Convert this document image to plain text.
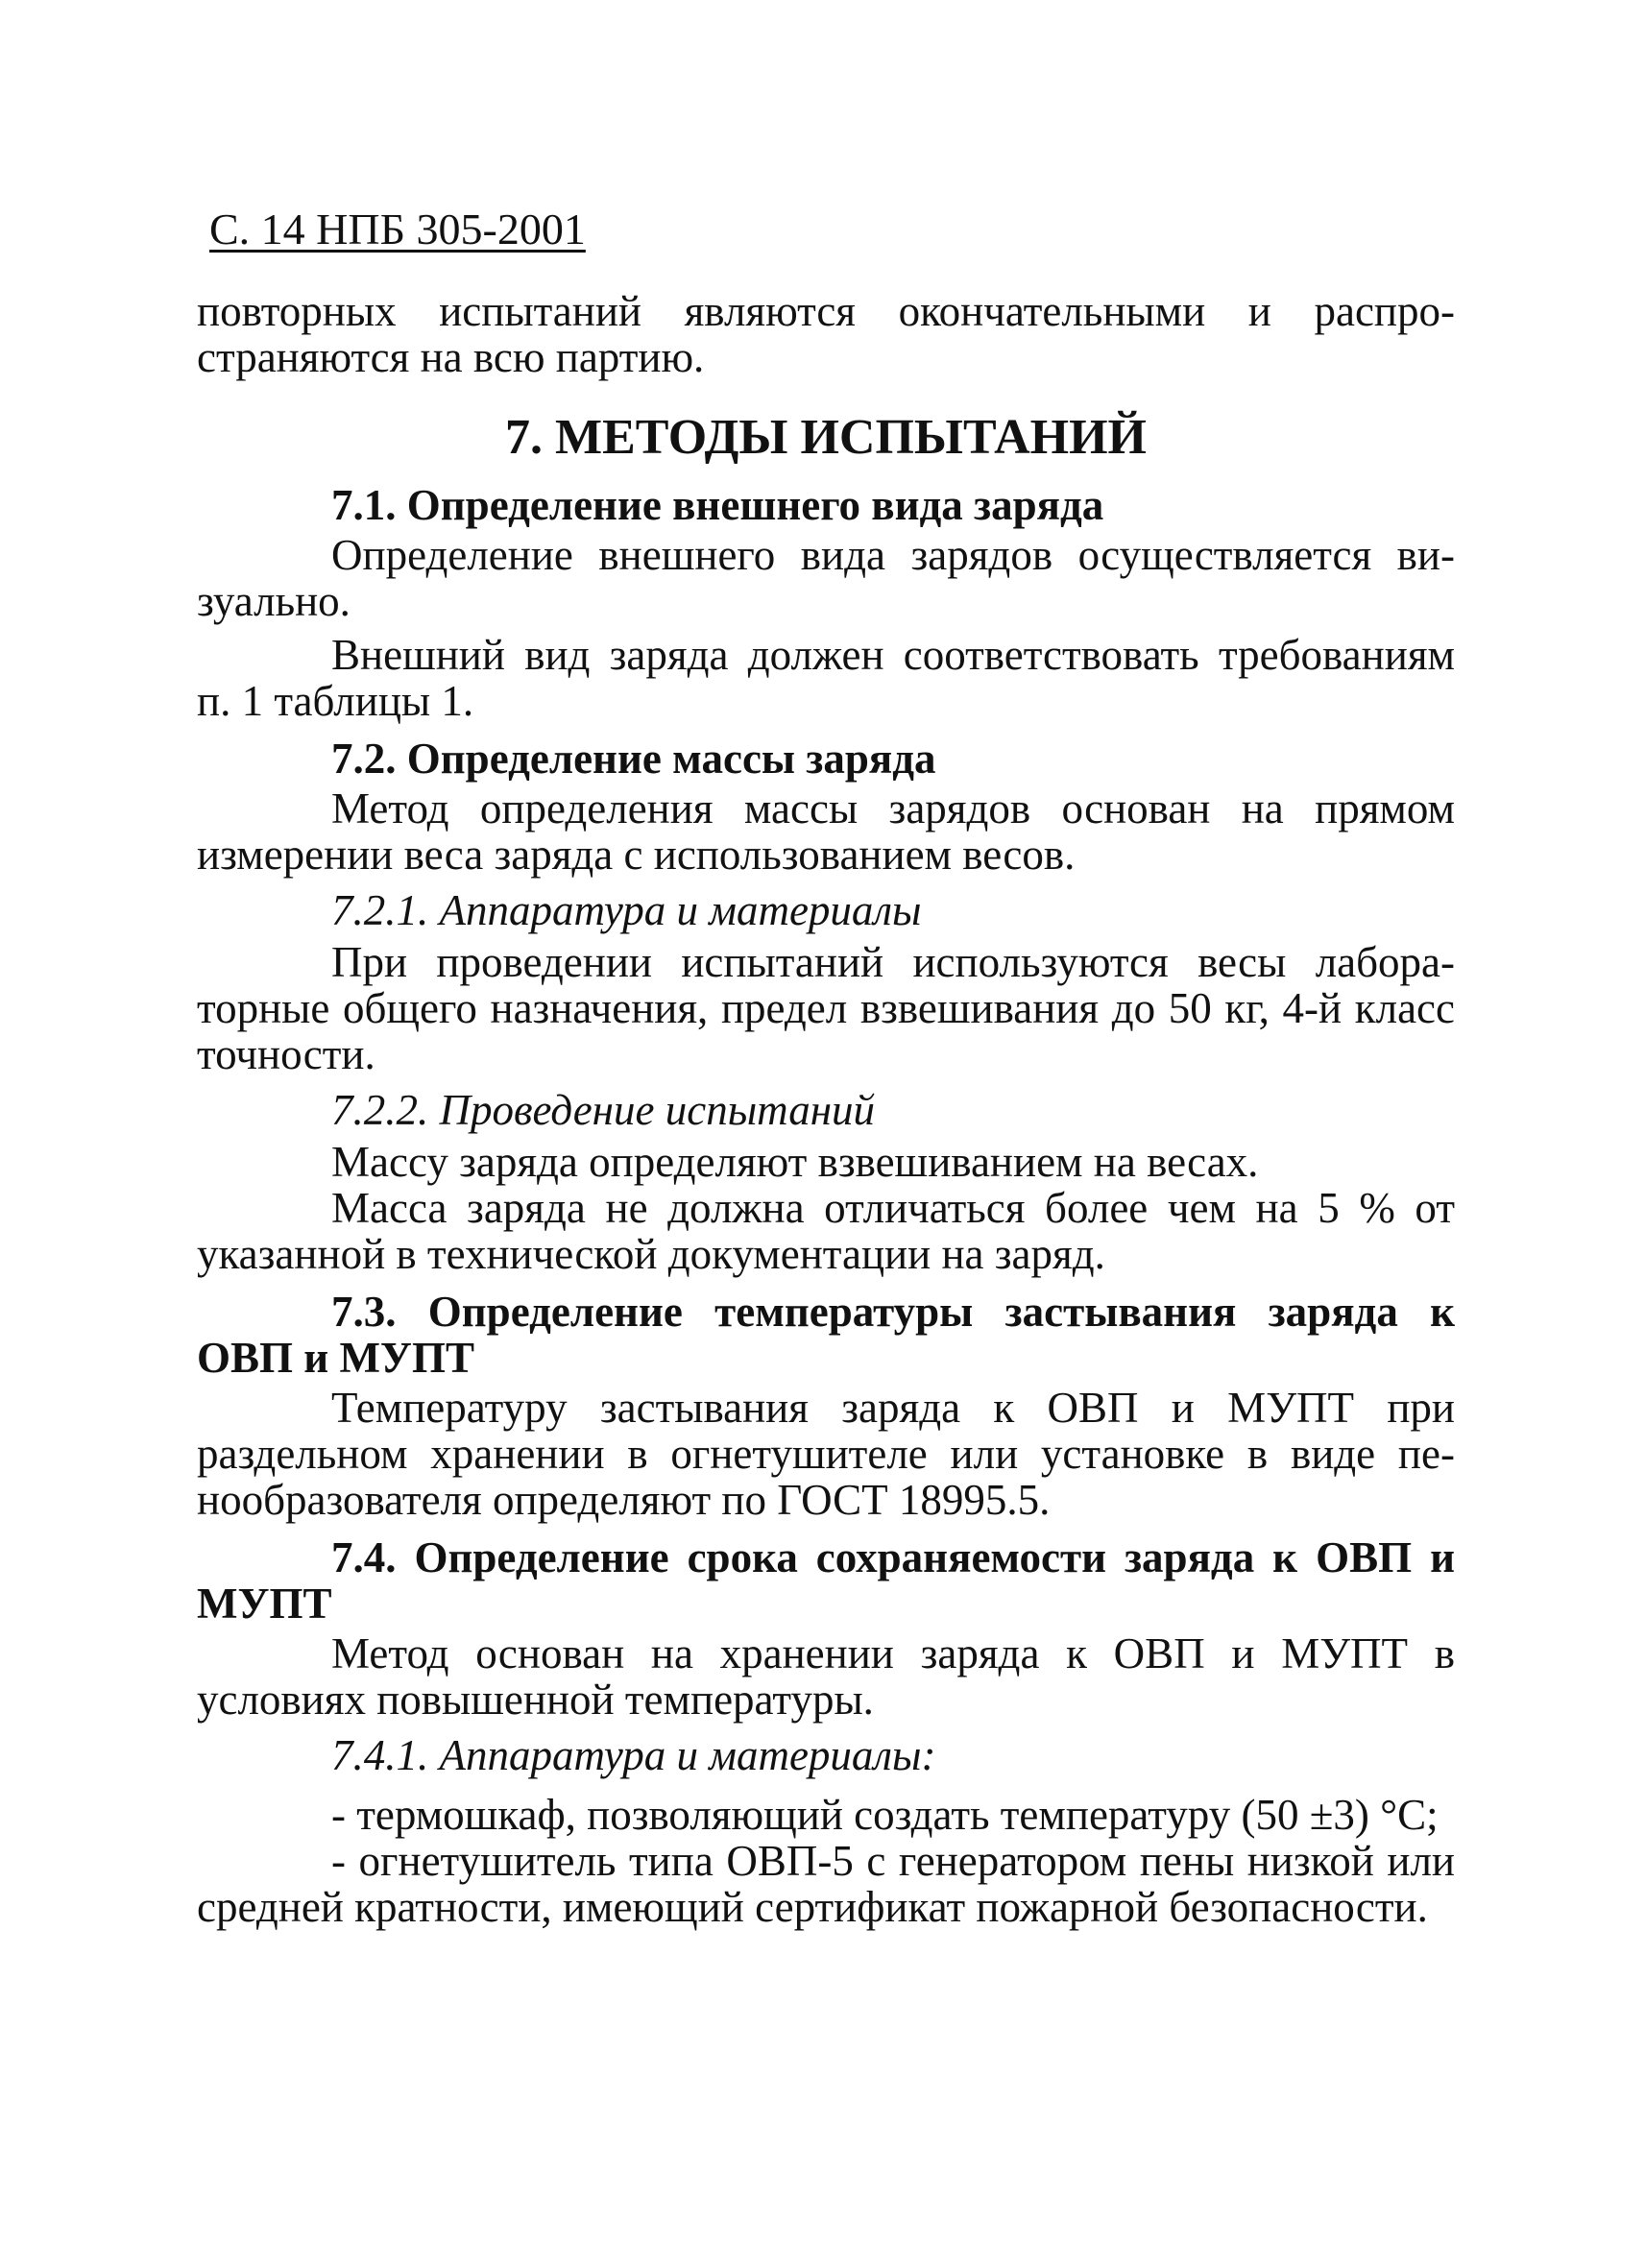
С. 14 НПБ 305-2001

повторных испытаний являются окончательными и распространяются на всю партию.

7. МЕТОДЫ ИСПЫТАНИЙ

7.1. Определение внешнего вида заряда

Определение внешнего вида зарядов осуществляется визуально.

Внешний вид заряда должен соответствовать требованиям п. 1 таблицы 1.

7.2. Определение массы заряда

Метод определения массы зарядов основан на прямом измерении веса заряда с использованием весов.

7.2.1. Аппаратура и материалы

При проведении испытаний используются весы лабораторные общего назначения, предел взвешивания до 50 кг, 4-й класс точности.

7.2.2. Проведение испытаний

Массу заряда определяют взвешиванием на весах.

Масса заряда не должна отличаться более чем на 5 % от указанной в технической документации на заряд.

7.3. Определение температуры застывания заряда к ОВП и МУПТ

Температуру застывания заряда к ОВП и МУПТ при раздельном хранении в огнетушителе или установке в виде пенообразователя определяют по ГОСТ 18995.5.

7.4. Определение срока сохраняемости заряда к ОВП и МУПТ

Метод основан на хранении заряда к ОВП и МУПТ в условиях повышенной температуры.

7.4.1. Аппаратура и материалы:

- термошкаф, позволяющий создать температуру (50 ±3) °С;

- огнетушитель типа ОВП-5 с генератором пены низкой или средней кратности, имеющий сертификат пожарной безопасности.
